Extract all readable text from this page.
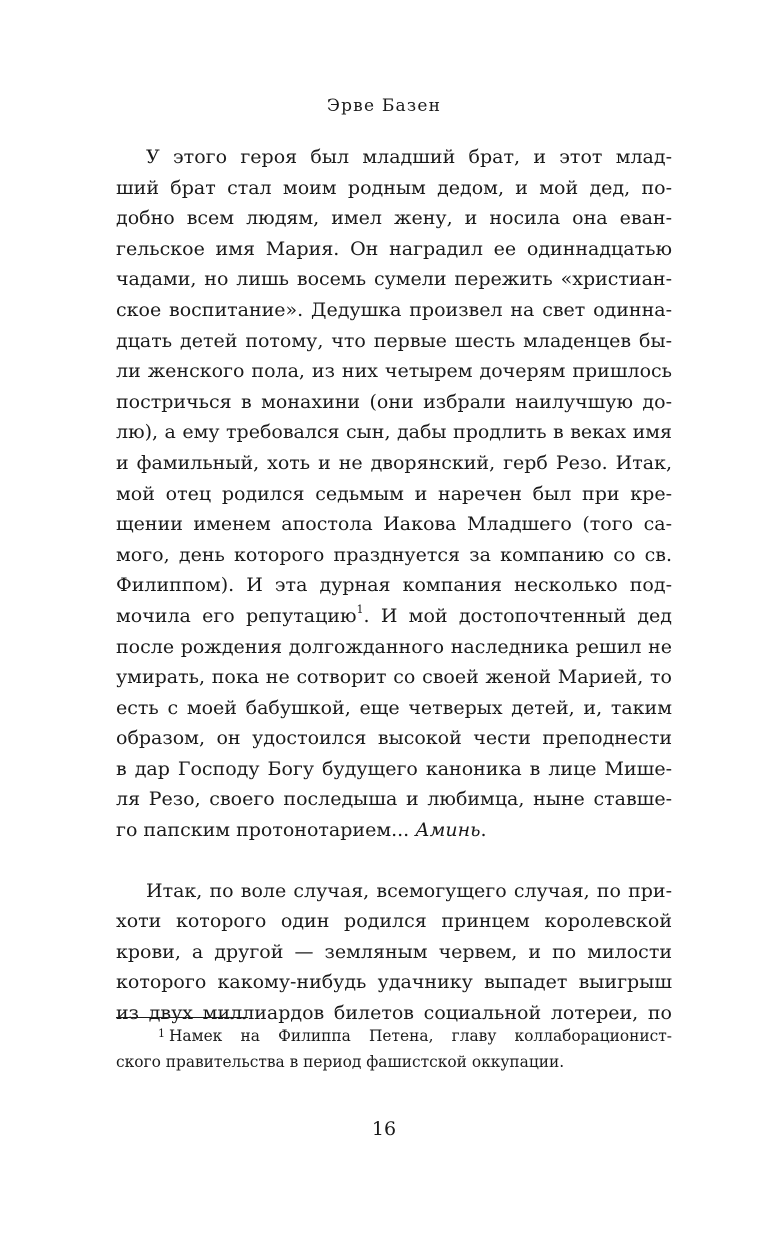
Эрве Базен
У этого героя был младший брат, и этот млад-
ший брат стал моим родным дедом, и мой дед, по-
добно всем людям, имел жену, и носила она еван-
гельское имя Мария. Он наградил ее одиннадцатью
чадами, но лишь восемь сумели пережить «христиан-
ское воспитание». Дедушка произвел на свет одинна-
дцать детей потому, что первые шесть младенцев бы-
ли женского пола, из них четырем дочерям пришлось
постричься в монахини (они избрали наилучшую до-
лю), а ему требовался сын, дабы продлить в веках имя
и фамильный, хоть и не дворянский, герб Резо. Итак,
мой отец родился седьмым и наречен был при кре-
щении именем апостола Иакова Младшего (того са-
мого, день которого празднуется за компанию со св.
Филиппом). И эта дурная компания несколько под-
мочила его репутацию$^1$. И мой достопочтенный дед
после рождения долгожданного наследника решил не
умирать, пока не сотворит со своей женой Марией, то
есть с моей бабушкой, еще четверых детей, и, таким
образом, он удостоился высокой чести преподнести
в дар Господу Богу будущего каноника в лице Мише-
ля Резо, своего последыша и любимца, ныне ставше-
го папским протонотарием... Аминь.
Итак, по воле случая, всемогущего случая, по при-
хоти которого один родился принцем королевской
крови, а другой — земляным червем, и по милости
которого какому-нибудь удачнику выпадет выигрыш
из двух миллиардов билетов социальной лотереи, по
$^1$ Намек на Филиппа Петена, главу коллаборационист-
ского правительства в период фашистской оккупации.
16
